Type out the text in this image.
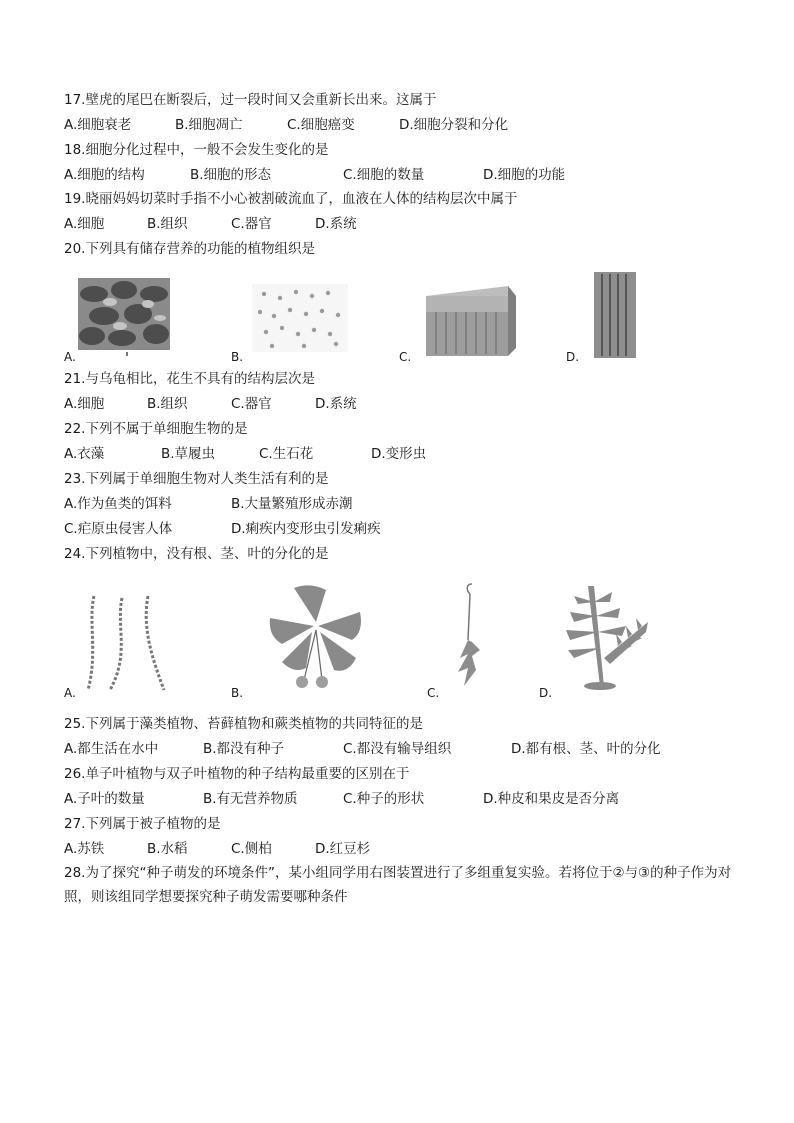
17.壁虎的尾巴在断裂后，过一段时间又会重新长出来。这属于
A.细胞衰老	B.细胞凋亡	C.细胞癌变	D.细胞分裂和分化
18.细胞分化过程中，一般不会发生变化的是
A.细胞的结构	B.细胞的形态	C.细胞的数量	D.细胞的功能
19.晓丽妈妈切菜时手指不小心被割破流血了，血液在人体的结构层次中属于
A.细胞	B.组织	C.器官	D.系统
20.下列具有储存营养的功能的植物组织是
A.	B.	C.	D.
21.与乌龟相比，花生不具有的结构层次是
A.细胞	B.组织	C.器官	D.系统
22.下列不属于单细胞生物的是
A.衣藻	B.草履虫	C.生石花	D.变形虫
23.下列属于单细胞生物对人类生活有利的是
A.作为鱼类的饵料	B.大量繁殖形成赤潮
C.疟原虫侵害人体	D.痢疾内变形虫引发痢疾
24.下列植物中，没有根、茎、叶的分化的是
A.	B.	C.	D.
25.下列属于藻类植物、苔藓植物和蕨类植物的共同特征的是
A.都生活在水中	B.都没有种子	C.都没有输导组织	D.都有根、茎、叶的分化
26.单子叶植物与双子叶植物的种子结构最重要的区别在于
A.子叶的数量	B.有无营养物质	C.种子的形状	D.种皮和果皮是否分离
27.下列属于被子植物的是
A.苏铁	B.水稻	C.侧柏	D.红豆杉
28.为了探究“种子萌发的环境条件”，某小组同学用右图装置进行了多组重复实验。若将位于②与③的种子作为对照，则该组同学想要探究种子萌发需要哪种条件
